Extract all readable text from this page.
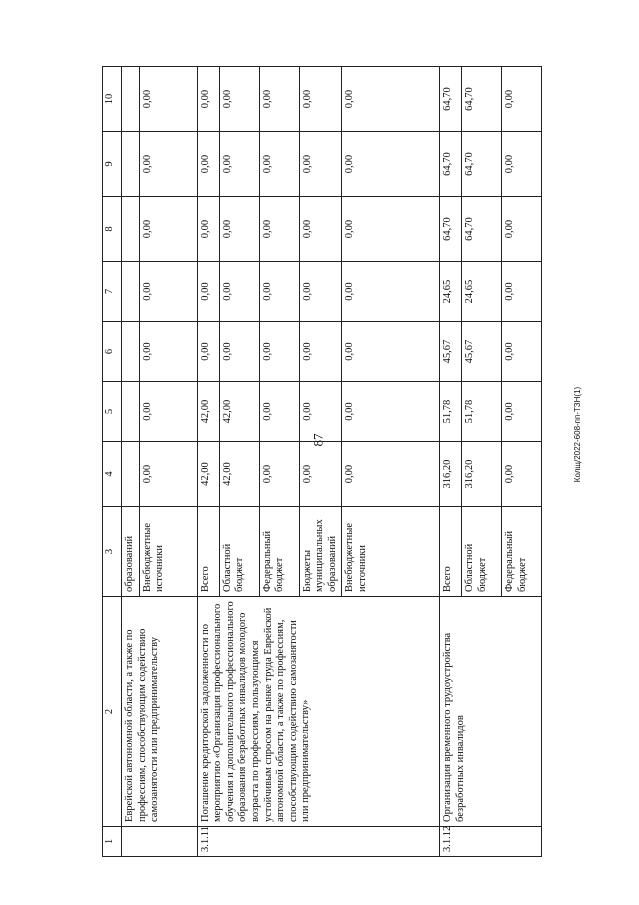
87	Колщ/2022-608-пп-ТЗН(1)
1	2	3	4	5	6	7	8	9	10
	Еврейской автономной области, а также по профессиям, способствующим содействию самозанятости или предпринимательству	образований							
		Внебюджетные источники	0,00	0,00	0,00	0,00	0,00	0,00	0,00
3.1.11	Погашение кредиторской задолженности по мероприятию «Организация профессионального обучения и дополнительного профессионального образования безработных инвалидов молодого возраста по профессиям, пользующимся устойчивым спросом на рынке труда Еврейской автономной области, а также по профессиям, способствующим содействию самозанятости или предпринимательству»	Всего	42,00	42,00	0,00	0,00	0,00	0,00	0,00
		Областной бюджет	42,00	42,00	0,00	0,00	0,00	0,00	0,00
		Федеральный бюджет	0,00	0,00	0,00	0,00	0,00	0,00	0,00
		Бюджеты муниципальных образований	0,00	0,00	0,00	0,00	0,00	0,00	0,00
		Внебюджетные источники	0,00	0,00	0,00	0,00	0,00	0,00	0,00
3.1.12	Организация временного трудоустройства безработных инвалидов	Всего	316,20	51,78	45,67	24,65	64,70	64,70	64,70
		Областной бюджет	316,20	51,78	45,67	24,65	64,70	64,70	64,70
		Федеральный бюджет	0,00	0,00	0,00	0,00	0,00	0,00	0,00
